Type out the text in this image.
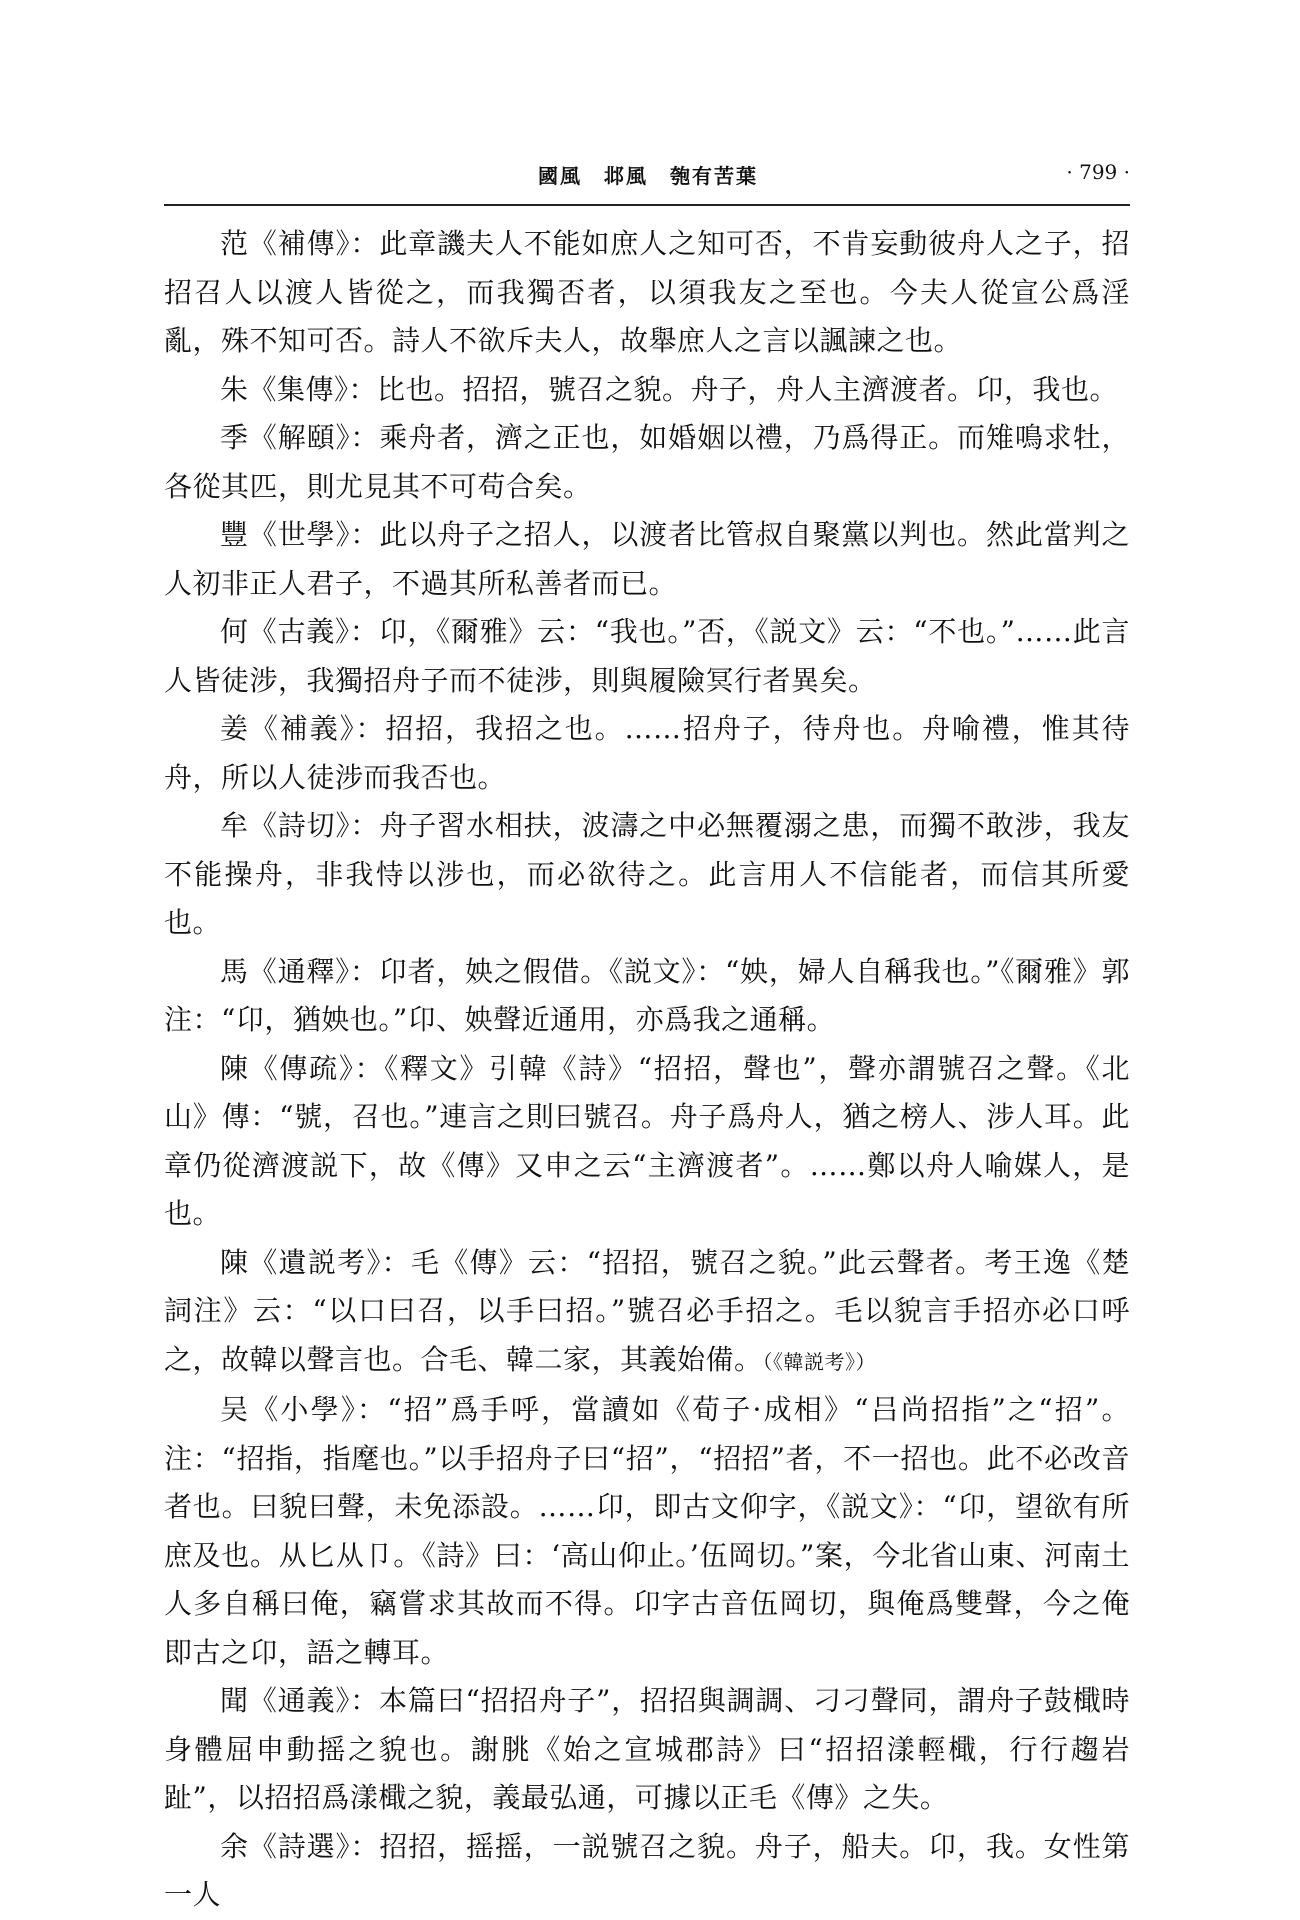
國風　邶風　匏有苦葉	· 799 ·

范《補傳》：此章譏夫人不能如庶人之知可否，不肯妄動彼舟人之子，招招召人以渡人皆從之，而我獨否者，以須我友之至也。今夫人從宣公爲淫亂，殊不知可否。詩人不欲斥夫人，故舉庶人之言以諷諫之也。

朱《集傳》：比也。招招，號召之貌。舟子，舟人主濟渡者。卬，我也。

季《解頤》：乘舟者，濟之正也，如婚姻以禮，乃爲得正。而雉鳴求牡，各從其匹，則尤見其不可苟合矣。

豐《世學》：此以舟子之招人，以渡者比管叔自聚黨以判也。然此當判之人初非正人君子，不過其所私善者而已。

何《古義》：卬，《爾雅》云：“我也。”否，《説文》云：“不也。”……此言人皆徒涉，我獨招舟子而不徒涉，則與履險冥行者異矣。

姜《補義》：招招，我招之也。……招舟子，待舟也。舟喻禮，惟其待舟，所以人徒涉而我否也。

牟《詩切》：舟子習水相扶，波濤之中必無覆溺之患，而獨不敢涉，我友不能操舟，非我恃以涉也，而必欲待之。此言用人不信能者，而信其所愛也。

馬《通釋》：卬者，姎之假借。《説文》：“姎，婦人自稱我也。”《爾雅》郭注：“卬，猶姎也。”卬、姎聲近通用，亦爲我之通稱。

陳《傳疏》：《釋文》引韓《詩》“招招，聲也”，聲亦謂號召之聲。《北山》傳：“號，召也。”連言之則曰號召。舟子爲舟人，猶之榜人、涉人耳。此章仍從濟渡説下，故《傳》又申之云“主濟渡者”。……鄭以舟人喻媒人，是也。

陳《遺説考》：毛《傳》云：“招招，號召之貌。”此云聲者。考王逸《楚詞注》云：“以口曰召，以手曰招。”號召必手招之。毛以貌言手招亦必口呼之，故韓以聲言也。合毛、韓二家，其義始備。（《韓説考》）

吴《小學》：“招”爲手呼，當讀如《荀子·成相》“吕尚招指”之“招”。注：“招指，指麾也。”以手招舟子曰“招”，“招招”者，不一招也。此不必改音者也。曰貌曰聲，未免添設。……卬，即古文仰字，《説文》：“卬，望欲有所庶及也。从匕从卩。《詩》曰：‘高山仰止。’伍岡切。”案，今北省山東、河南土人多自稱曰俺，竊嘗求其故而不得。卬字古音伍岡切，與俺爲雙聲，今之俺即古之卬，語之轉耳。

聞《通義》：本篇曰“招招舟子”，招招與調調、刁刁聲同，謂舟子鼓檝時身體屈申動摇之貌也。謝朓《始之宣城郡詩》曰“招招漾輕檝，行行趨岩趾”，以招招爲漾檝之貌，義最弘通，可據以正毛《傳》之失。

余《詩選》：招招，摇摇，一説號召之貌。舟子，船夫。卬，我。女性第一人
